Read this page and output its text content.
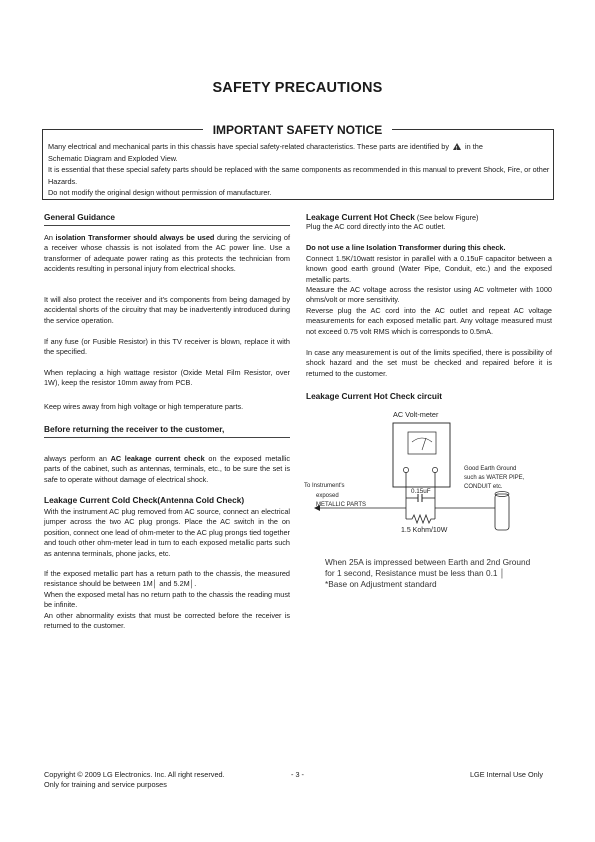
SAFETY PRECAUTIONS
IMPORTANT SAFETY NOTICE
Many electrical and mechanical parts in this chassis have special safety-related characteristics. These parts are identified by ! in the
Schematic Diagram and Exploded View.
It is essential that these special safety parts should be replaced with the same components as recommended in this manual to prevent Shock, Fire, or other Hazards.
Do not modify the original design without permission of manufacturer.
General Guidance

An isolation Transformer should always be used during the servicing of a receiver whose chassis is not isolated from the AC power line. Use a transformer of adequate power rating as this protects the technician from accidents resulting in personal injury from electrical shocks.

It will also protect the receiver and it's components from being damaged by accidental shorts of the circuitry that may be inadvertently introduced during the service operation.

If any fuse (or Fusible Resistor) in this TV receiver is blown, replace it with the specified.

When replacing a high wattage resistor (Oxide Metal Film Resistor, over 1W), keep the resistor 10mm away from PCB.

Keep wires away from high voltage or high temperature parts.

Before returning the receiver to the customer,

always perform an AC leakage current check on the exposed metallic parts of the cabinet, such as antennas, terminals, etc., to be sure the set is safe to operate without damage of electrical shock.

Leakage Current Cold Check(Antenna Cold Check)

With the instrument AC plug removed from AC source, connect an electrical jumper across the two AC plug prongs. Place the AC switch in the on position, connect one lead of ohm-meter to the AC plug prongs tied together and touch other ohm-meter lead in turn to each exposed metallic parts such as antenna terminals, phone jacks, etc.

If the exposed metallic part has a return path to the chassis, the measured resistance should be between 1M│ and 5.2M│.

When the exposed metal has no return path to the chassis the reading must be infinite.

An other abnormality exists that must be corrected before the receiver is returned to the customer.

Leakage Current Hot Check (See below Figure)

Plug the AC cord directly into the AC outlet.

Do not use a line Isolation Transformer during this check.

Connect 1.5K/10watt resistor in parallel with a 0.15uF capacitor between a known good earth ground (Water Pipe, Conduit, etc.) and the exposed metallic parts.

Measure the AC voltage across the resistor using AC voltmeter with 1000 ohms/volt or more sensitivity.

Reverse plug the AC cord into the AC outlet and repeat AC voltage measurements for each exposed metallic part. Any voltage measured must not exceed 0.75 volt RMS which is corresponds to 0.5mA.

In case any measurement is out of the limits specified, there is possibility of shock hazard and the set must be checked and repaired before it is returned to the customer.

Leakage Current Hot Check circuit
AC Volt-meter
0.15uF
1.5 Kohm/10W
To Instrument's
exposed
METALLIC PARTS
Good Earth Ground
such as WATER PIPE,
CONDUIT etc.
When 25A is impressed between Earth and 2nd Ground
for 1 second, Resistance must be less than 0.1 │
*Base on Adjustment standard
Copyright © 2009 LG Electronics. Inc. All right reserved.
Only for training and service purposes
- 3 -	LGE Internal Use Only
